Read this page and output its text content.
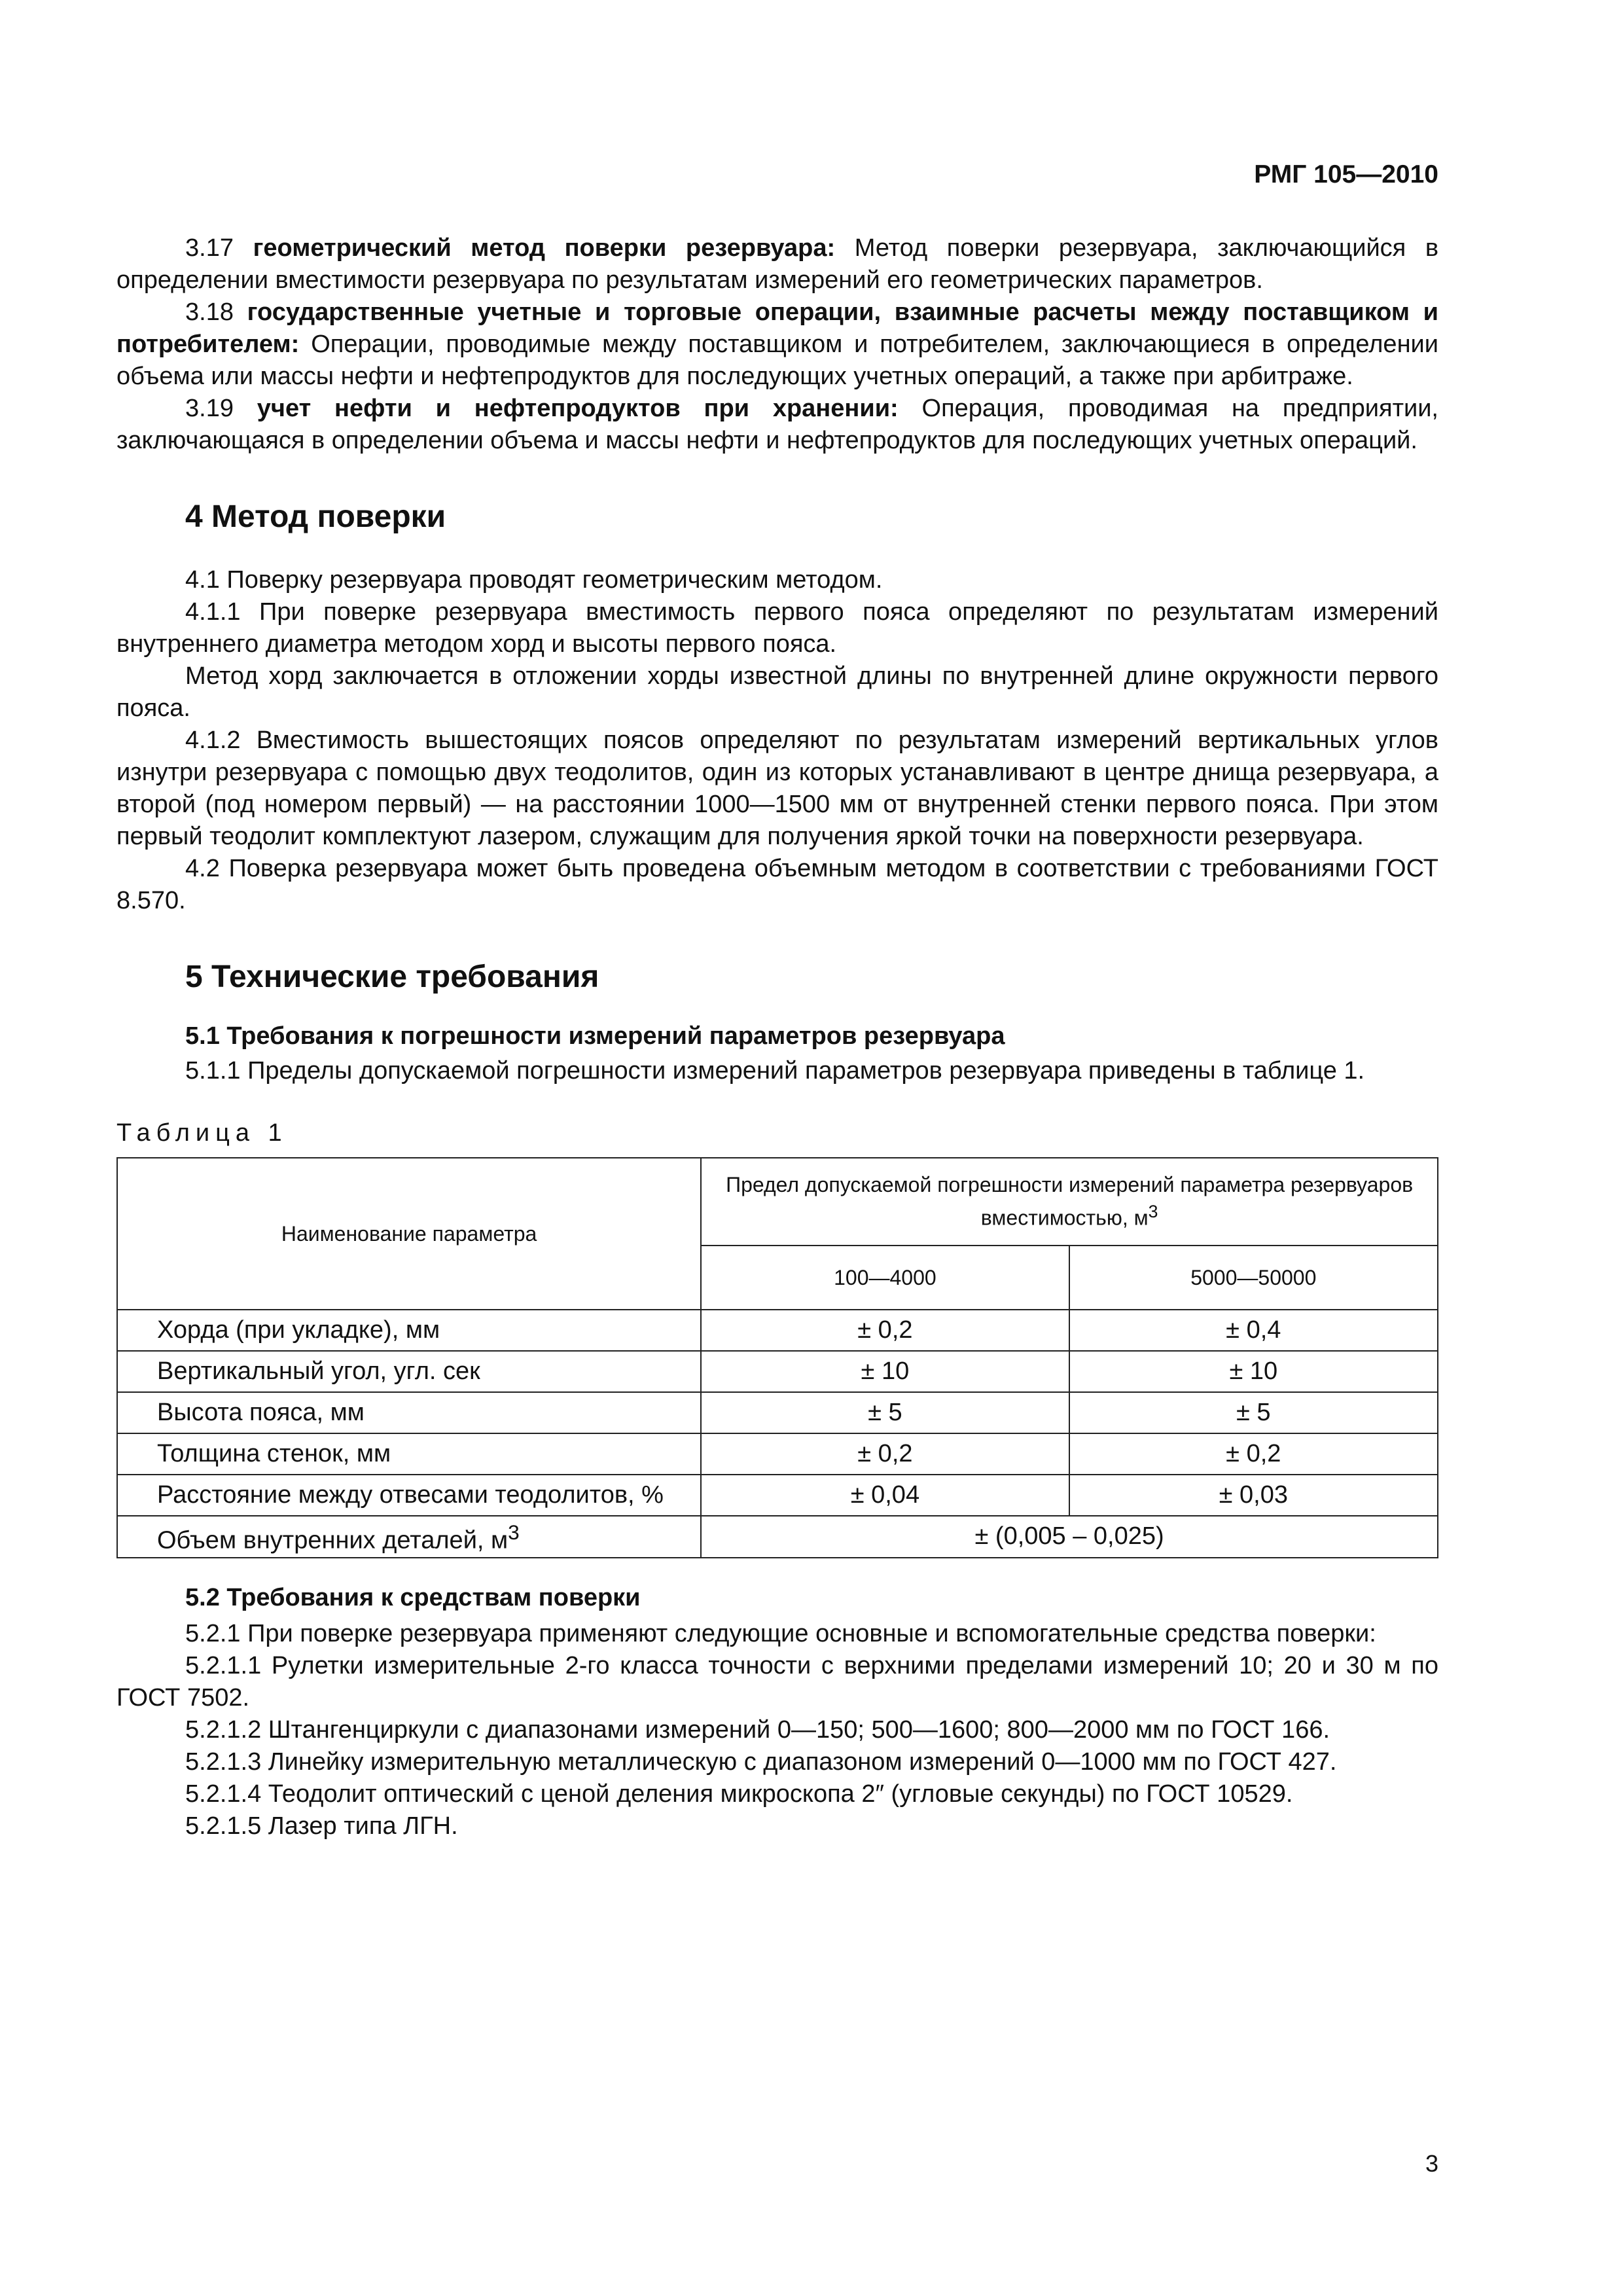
РМГ 105—2010

3.17 геометрический метод поверки резервуара: Метод поверки резервуара, заключающийся в определении вместимости резервуара по результатам измерений его геометрических параметров.

3.18 государственные учетные и торговые операции, взаимные расчеты между поставщиком и потребителем: Операции, проводимые между поставщиком и потребителем, заключающиеся в определении объема или массы нефти и нефтепродуктов для последующих учетных операций, а также при арбитраже.

3.19 учет нефти и нефтепродуктов при хранении: Операция, проводимая на предприятии, заключающаяся в определении объема и массы нефти и нефтепродуктов для последующих учетных операций.

4 Метод поверки

4.1 Поверку резервуара проводят геометрическим методом.

4.1.1 При поверке резервуара вместимость первого пояса определяют по результатам измерений внутреннего диаметра методом хорд и высоты первого пояса.

Метод хорд заключается в отложении хорды известной длины по внутренней длине окружности первого пояса.

4.1.2 Вместимость вышестоящих поясов определяют по результатам измерений вертикальных углов изнутри резервуара с помощью двух теодолитов, один из которых устанавливают в центре днища резервуара, а второй (под номером первый) — на расстоянии 1000—1500 мм от внутренней стенки первого пояса. При этом первый теодолит комплектуют лазером, служащим для получения яркой точки на поверхности резервуара.

4.2 Поверка резервуара может быть проведена объемным методом в соответствии с требованиями ГОСТ 8.570.

5 Технические требования
5.1 Требования к погрешности измерений параметров резервуара

5.1.1 Пределы допускаемой погрешности измерений параметров резервуара приведены в таблице 1.

Таблица 1

Наименование параметра	Предел допускаемой погрешности измерений параметра резервуаров вместимостью, $м^3$
	100—4000	5000—50000
Хорда (при укладке), мм	± 0,2	± 0,4
Вертикальный угол, угл. сек	± 10	± 10
Высота пояса, мм	± 5	± 5
Толщина стенок, мм	± 0,2	± 0,2
Расстояние между отвесами теодолитов, %	± 0,04	± 0,03
Объем внутренних деталей, $м^3$	± (0,005 – 0,025)	
5.2 Требования к средствам поверки

5.2.1 При поверке резервуара применяют следующие основные и вспомогательные средства поверки:

5.2.1.1 Рулетки измерительные 2-го класса точности с верхними пределами измерений 10; 20 и 30 м по ГОСТ 7502.

5.2.1.2 Штангенциркули с диапазонами измерений 0—150; 500—1600; 800—2000 мм по ГОСТ 166.

5.2.1.3 Линейку измерительную металлическую с диапазоном измерений 0—1000 мм по ГОСТ 427.

5.2.1.4 Теодолит оптический с ценой деления микроскопа 2″ (угловые секунды) по ГОСТ 10529.

5.2.1.5 Лазер типа ЛГН.

3
